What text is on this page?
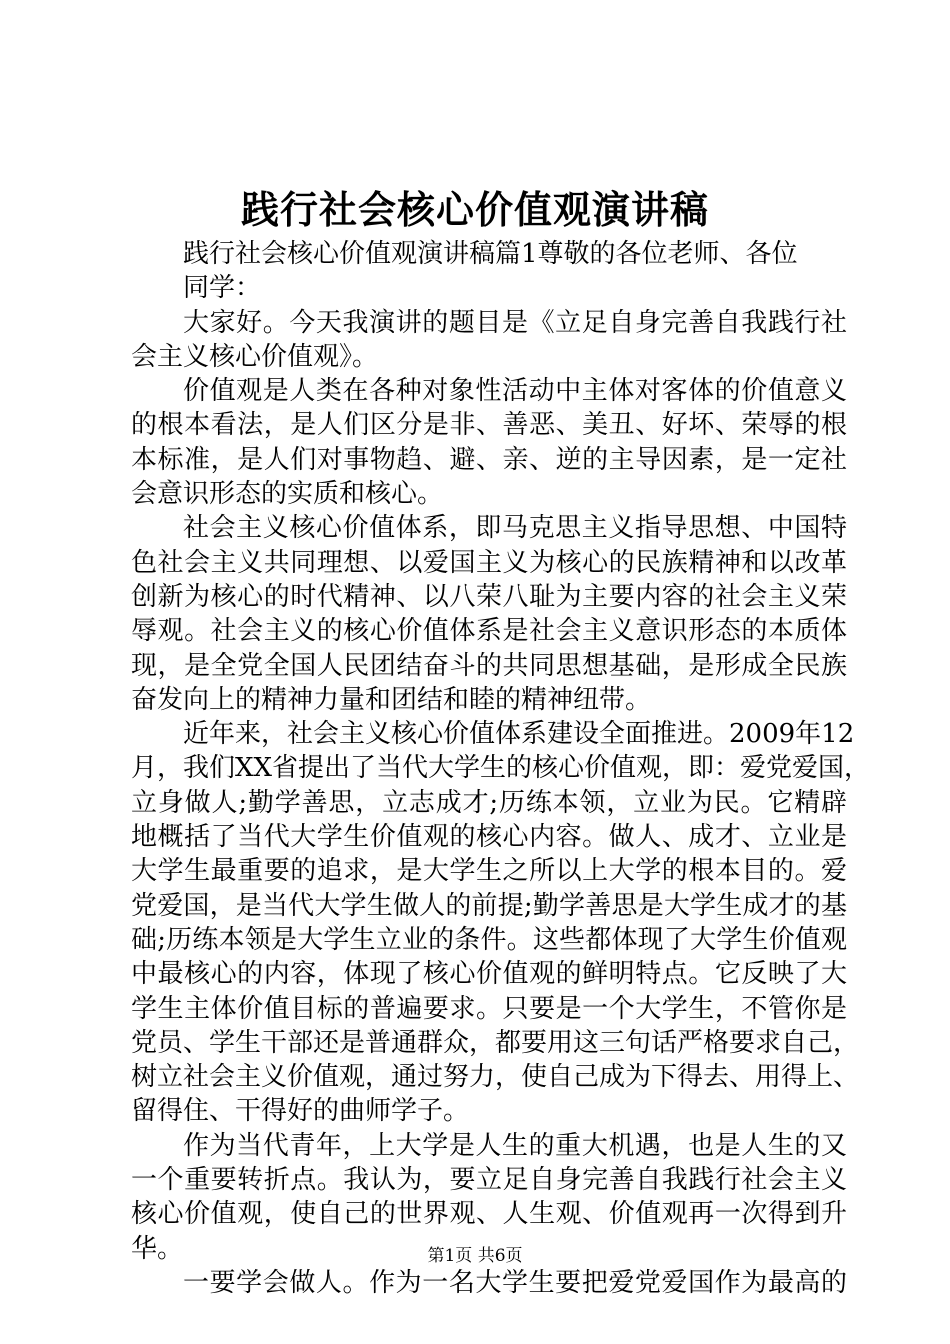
践行社会核心价值观演讲稿
践行社会核心价值观演讲稿篇1尊敬的各位老师、各位
同学：
大家好。今天我演讲的题目是《立足自身完善自我践行社
会主义核心价值观》。
价值观是人类在各种对象性活动中主体对客体的价值意义
的根本看法，是人们区分是非、善恶、美丑、好坏、荣辱的根
本标准，是人们对事物趋、避、亲、逆的主导因素，是一定社
会意识形态的实质和核心。
社会主义核心价值体系，即马克思主义指导思想、中国特
色社会主义共同理想、以爱国主义为核心的民族精神和以改革
创新为核心的时代精神、以八荣八耻为主要内容的社会主义荣
辱观。社会主义的核心价值体系是社会主义意识形态的本质体
现，是全党全国人民团结奋斗的共同思想基础，是形成全民族
奋发向上的精神力量和团结和睦的精神纽带。
近年来，社会主义核心价值体系建设全面推进。2009年12
月，我们XX省提出了当代大学生的核心价值观，即：爱党爱国，
立身做人;勤学善思，立志成才;历练本领，立业为民。它精辟
地概括了当代大学生价值观的核心内容。做人、成才、立业是
大学生最重要的追求，是大学生之所以上大学的根本目的。爱
党爱国，是当代大学生做人的前提;勤学善思是大学生成才的基
础;历练本领是大学生立业的条件。这些都体现了大学生价值观
中最核心的内容，体现了核心价值观的鲜明特点。它反映了大
学生主体价值目标的普遍要求。只要是一个大学生，不管你是
党员、学生干部还是普通群众，都要用这三句话严格要求自己，
树立社会主义价值观，通过努力，使自己成为下得去、用得上、
留得住、干得好的曲师学子。
作为当代青年，上大学是人生的重大机遇，也是人生的又
一个重要转折点。我认为，要立足自身完善自我践行社会主义
核心价值观，使自己的世界观、人生观、价值观再一次得到升
华。
一要学会做人。作为一名大学生要把爱党爱国作为最高的
第1页 共6页
